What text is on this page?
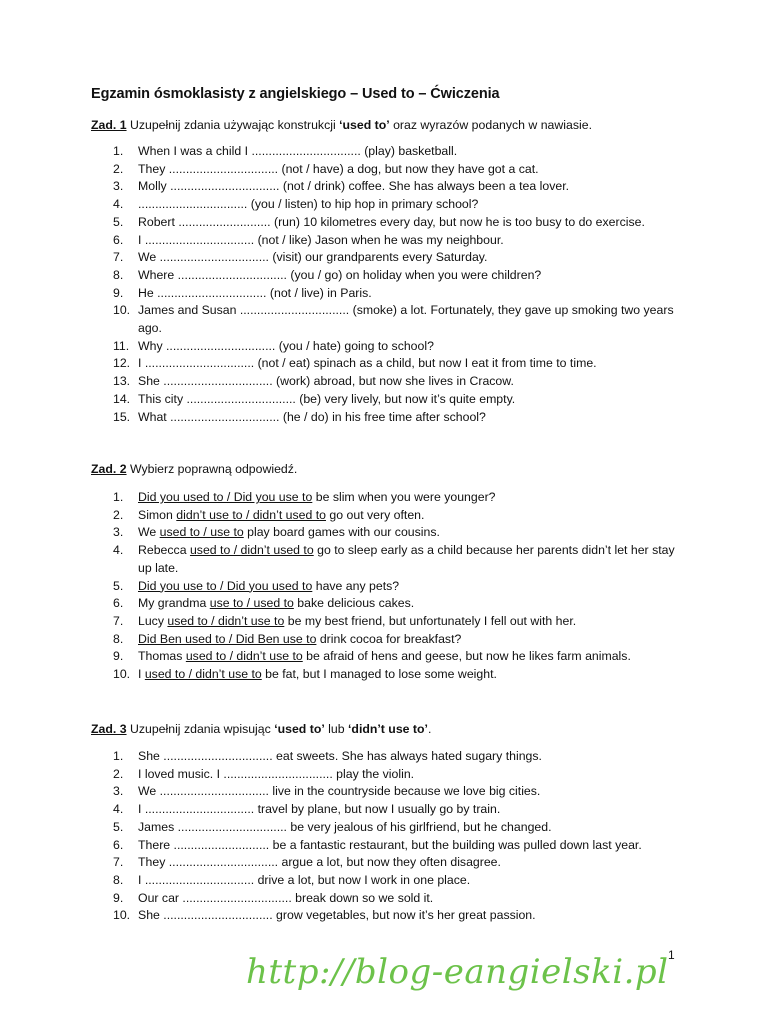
Egzamin ósmoklasisty z angielskiego – Used to – Ćwiczenia
Zad. 1 Uzupełnij zdania używając konstrukcji ‘used to’ oraz wyrazów podanych w nawiasie.
1.	When I was a child I ................................ (play) basketball.
2.	They ................................ (not / have) a dog, but now they have got a cat.
3.	Molly ................................ (not / drink) coffee. She has always been a tea lover.
4.	................................ (you / listen) to hip hop in primary school?
5.	Robert ........................... (run) 10 kilometres every day, but now he is too busy to do exercise.
6.	I ................................ (not / like) Jason when he was my neighbour.
7.	We ................................ (visit) our grandparents every Saturday.
8.	Where ................................ (you / go) on holiday when you were children?
9.	He ................................ (not / live) in Paris.
10. James and Susan ................................ (smoke) a lot. Fortunately, they gave up smoking two years ago.
11. Why ................................ (you / hate) going to school?
12. I ................................ (not / eat) spinach as a child, but now I eat it from time to time.
13. She ................................ (work) abroad, but now she lives in Cracow.
14. This city ................................ (be) very lively, but now it’s quite empty.
15. What ................................ (he / do) in his free time after school?
Zad. 2 Wybierz poprawną odpowiedź.
1.	Did you used to / Did you use to be slim when you were younger?
2.	Simon didn’t use to / didn’t used to go out very often.
3.	We used to / use to play board games with our cousins.
4.	Rebecca used to / didn’t used to go to sleep early as a child because her parents didn’t let her stay up late.
5.	Did you use to / Did you used to have any pets?
6.	My grandma use to / used to bake delicious cakes.
7.	Lucy used to / didn’t use to be my best friend, but unfortunately I fell out with her.
8.	Did Ben used to / Did Ben use to drink cocoa for breakfast?
9.	Thomas used to / didn’t use to be afraid of hens and geese, but now he likes farm animals.
10. I used to / didn’t use to be fat, but I managed to lose some weight.
Zad. 3 Uzupełnij zdania wpisując ‘used to’ lub ‘didn’t use to’.
1.	She ................................ eat sweets. She has always hated sugary things.
2.	I loved music. I ................................ play the violin.
3.	We ................................ live in the countryside because we love big cities.
4.	I ................................ travel by plane, but now I usually go by train.
5.	James ................................ be very jealous of his girlfriend, but he changed.
6.	There ............................ be a fantastic restaurant, but the building was pulled down last year.
7.	They ................................ argue a lot, but now they often disagree.
8.	I ................................ drive a lot, but now I work in one place.
9.	Our car ................................ break down so we sold it.
10. She ................................ grow vegetables, but now it’s her great passion.
1
http://blog-eangielski.pl
